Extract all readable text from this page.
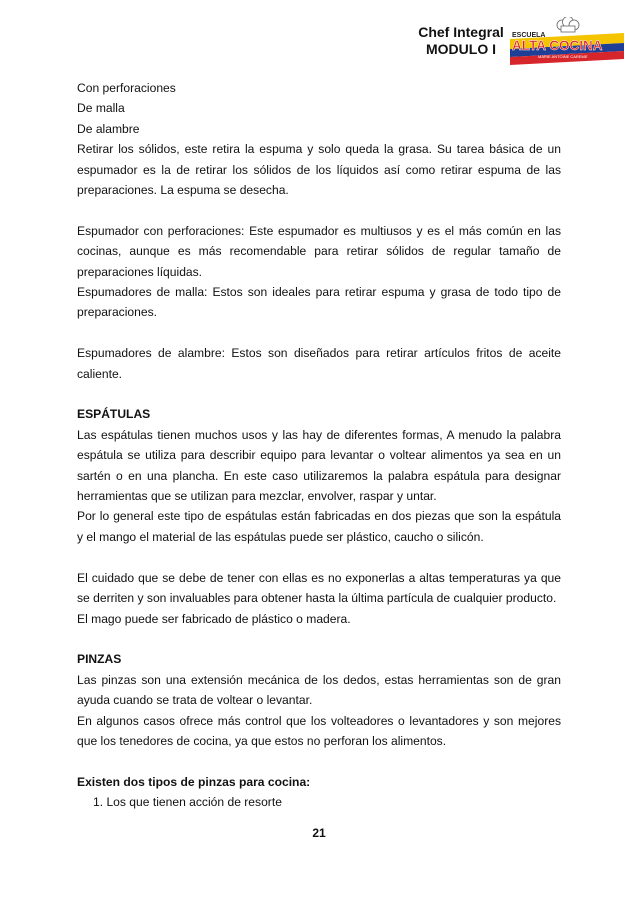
Chef Integral
MODULO I
ESCUELA
ALTA COCINA
MARIE ANTOINE CAREME

Con perforaciones

De malla

De alambre

Retirar los sólidos, este retira la espuma y solo queda la grasa. Su tarea básica de un espumador es la de retirar los sólidos de los líquidos así como retirar espuma de las preparaciones. La espuma se desecha.

Espumador con perforaciones: Este espumador es multiusos y es el más común en las cocinas, aunque es más recomendable para retirar sólidos de regular tamaño de preparaciones líquidas.

Espumadores de malla: Estos son ideales para retirar espuma y grasa de todo tipo de preparaciones.

Espumadores de alambre: Estos son diseñados para retirar artículos fritos de aceite caliente.

ESPÁTULAS

Las espátulas tienen muchos usos y las hay de diferentes formas, A menudo la palabra espátula se utiliza para describir equipo para levantar o voltear alimentos ya sea en un sartén o en una plancha. En este caso utilizaremos la palabra espátula para designar herramientas que se utilizan para mezclar, envolver, raspar y untar.

Por lo general este tipo de espátulas están fabricadas en dos piezas que son la espátula y el mango el material de las espátulas puede ser plástico, caucho o silicón.

El cuidado que se debe de tener con ellas es no exponerlas a altas temperaturas ya que se derriten y son invaluables para obtener hasta la última partícula de cualquier producto.

El mago puede ser fabricado de plástico o madera.

PINZAS

Las pinzas son una extensión mecánica de los dedos, estas herramientas son de gran ayuda cuando se trata de voltear o levantar.

En algunos casos ofrece más control que los volteadores o levantadores y son mejores que los tenedores de cocina, ya que estos no perforan los alimentos.

Existen dos tipos de pinzas para cocina:

1. Los que tienen acción de resorte

21
